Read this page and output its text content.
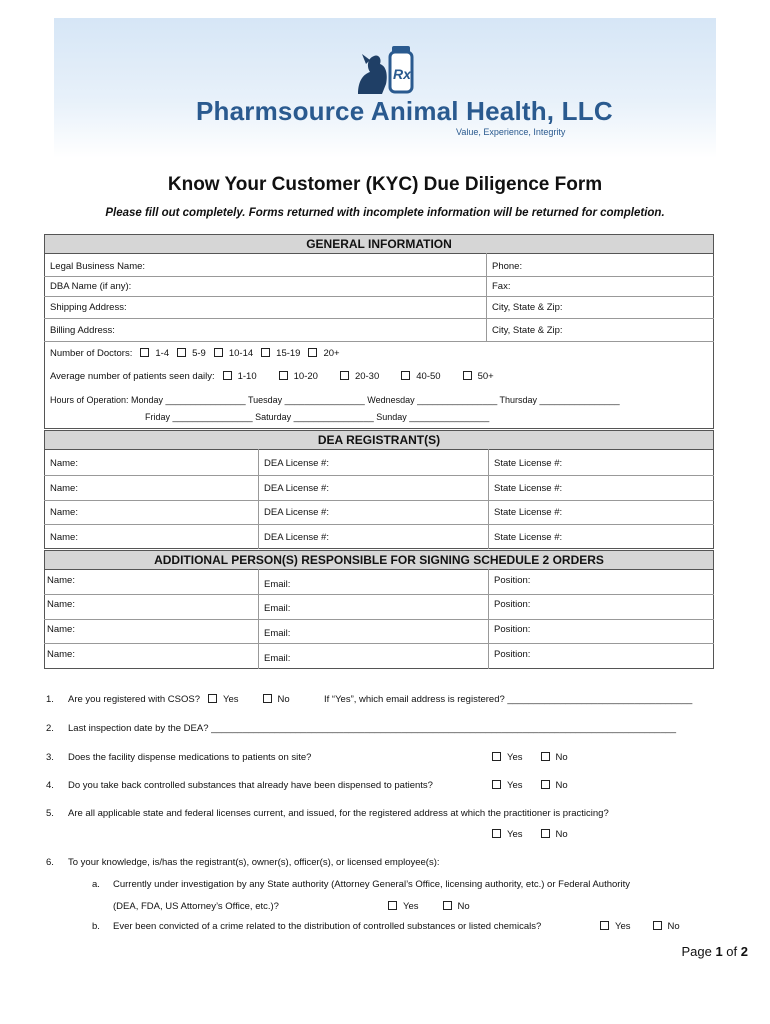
Rx
Pharmsource Animal Health, LLC
Value, Experience, Integrity
Know Your Customer (KYC) Due Diligence Form
Please fill out completely. Forms returned with incomplete information will be returned for completion.
GENERAL INFORMATION
Legal Business Name:	Phone:
DBA Name (if any):	Fax:
Shipping Address:	City, State & Zip:
Billing Address:	City, State & Zip:
Number of Doctors: 1-4 5-9 10-14 15-19 20+
Average number of patients seen daily: 1-10	10-20	20-30	40-50	50+
Hours of Operation: Monday ________________ Tuesday ________________ Wednesday ________________ Thursday ________________
Friday ________________ Saturday ________________ Sunday ________________
DEA REGISTRANT(S)
Name:	DEA License #:	State License #:
Name:	DEA License #:	State License #:
Name:	DEA License #:	State License #:
Name:	DEA License #:	State License #:
ADDITIONAL PERSON(S) RESPONSIBLE FOR SIGNING SCHEDULE 2 ORDERS
Name:	Email:	Position:
Name:	Email:	Position:
Name:	Email:	Position:
Name:	Email:	Position:
1. Are you registered with CSOS? Yes	No	If “Yes”, which email address is registered? ___________________________________
2. Last inspection date by the DEA? ________________________________________________________________________________________
3. Does the facility dispense medications to patients on site?	Yes	No
4. Do you take back controlled substances that already have been dispensed to patients?	Yes	No
5. Are all applicable state and federal licenses current, and issued, for the registered address at which the practitioner is practicing?
Yes	No
6. To your knowledge, is/has the registrant(s), owner(s), officer(s), or licensed employee(s):
a. Currently under investigation by any State authority (Attorney General’s Office, licensing authority, etc.) or Federal Authority
(DEA, FDA, US Attorney’s Office, etc.)?	Yes	No
b. Ever been convicted of a crime related to the distribution of controlled substances or listed chemicals?	Yes	No
Page 1 of 2
